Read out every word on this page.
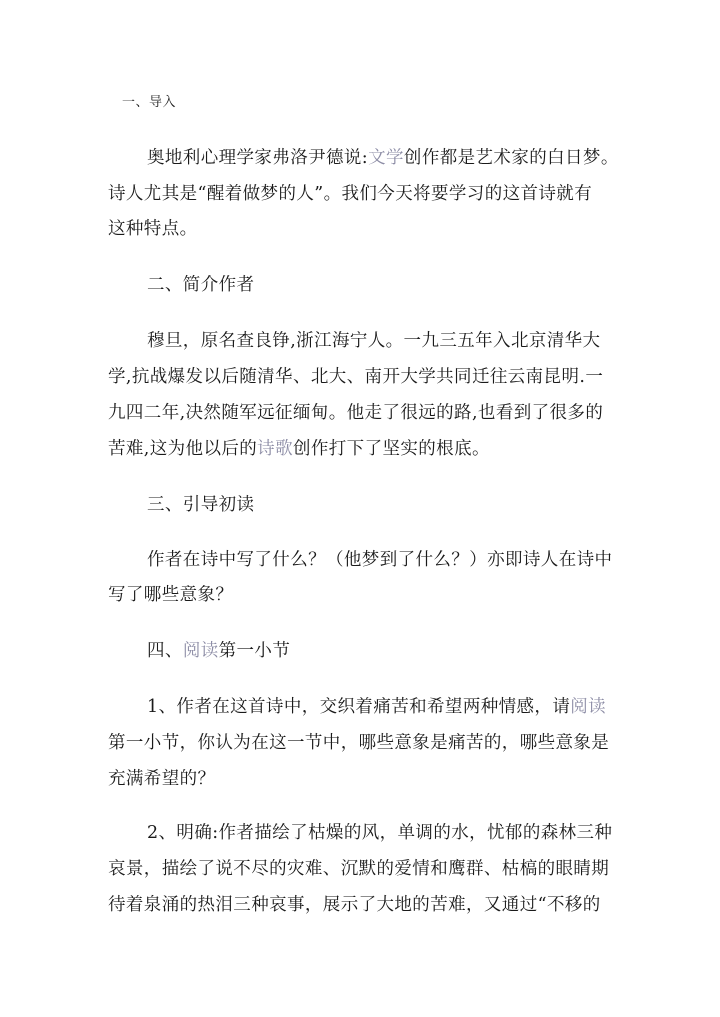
一、导入
奥地利心理学家弗洛尹德说:文学创作都是艺术家的白日梦。
诗人尤其是“醒着做梦的人”。我们今天将要学习的这首诗就有
这种特点。
二、简介作者
穆旦，原名查良铮,浙江海宁人。一九三五年入北京清华大
学,抗战爆发以后随清华、北大、南开大学共同迁往云南昆明.一
九四二年,决然随军远征缅甸。他走了很远的路,也看到了很多的
苦难,这为他以后的诗歌创作打下了坚实的根底。
三、引导初读
作者在诗中写了什么？（他梦到了什么？）亦即诗人在诗中
写了哪些意象？
四、阅读第一小节
1、作者在这首诗中，交织着痛苦和希望两种情感，请阅读
第一小节，你认为在这一节中，哪些意象是痛苦的，哪些意象是
充满希望的？
2、明确:作者描绘了枯燥的风，单调的水，忧郁的森林三种
哀景，描绘了说不尽的灾难、沉默的爱情和鹰群、枯槁的眼睛期
待着泉涌的热泪三种哀事，展示了大地的苦难，又通过“不移的
